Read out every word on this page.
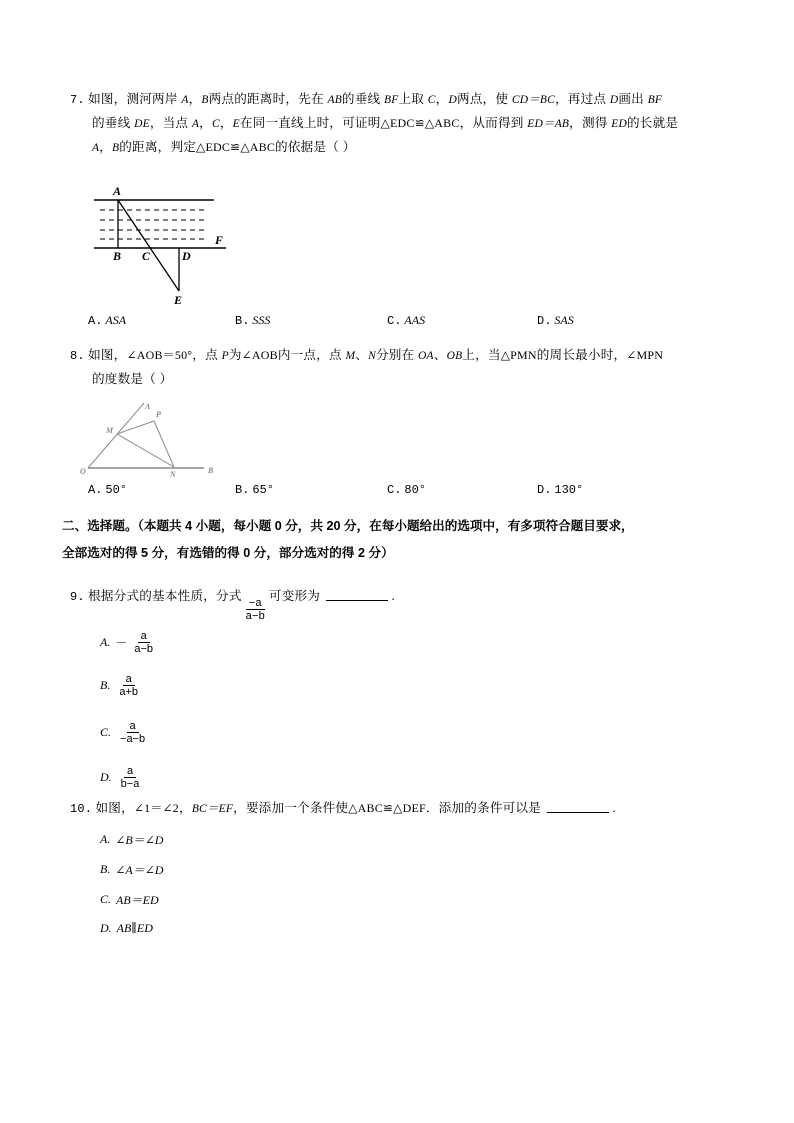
7. 如图，测河两岸 A，B两点的距离时，先在 AB的垂线 BF上取 C，D两点，使 CD＝BC，再过点 D画出 BF
的垂线 DE，当点 A，C，E在同一直线上时，可证明△EDC≌△ABC，从而得到 ED＝AB，测得 ED的长就是
A，B的距离，判定△EDC≌△ABC的依据是（ ）
A
B C	D
F
E
A. ASA	B. SSS	C. AAS	D. SAS
8. 如图，∠AOB＝50°，点 P为∠AOB内一点，点 M、N分别在 OA、OB上，当△PMN的周长最小时，∠MPN
的度数是（ ）
A
B
O
M
N
P
A. 50°	B. 65°	C. 80°	D. 130°
二、选择题。（本题共 4 小题，每小题 0 分，共 20 分，在每小题给出的选项中，有多项符合题目要求，
全部选对的得 5 分，有选错的得 0 分，部分选对的得 2 分）
9. 根据分式的基本性质，分式
$\frac{-a}{a-b}$
可变形为	.
A. － $\frac{a}{a-b}$
B. $\frac{a}{a+b}$
C. $\frac{a}{-a-b}$
D. $\frac{a}{b-a}$
10. 如图，∠1＝∠2，BC＝EF，要添加一个条件使△ABC≌△DEF．添加的条件可以是	.
A. ∠B＝∠D
B. ∠A＝∠D
C. AB＝ED
D. AB∥ED
